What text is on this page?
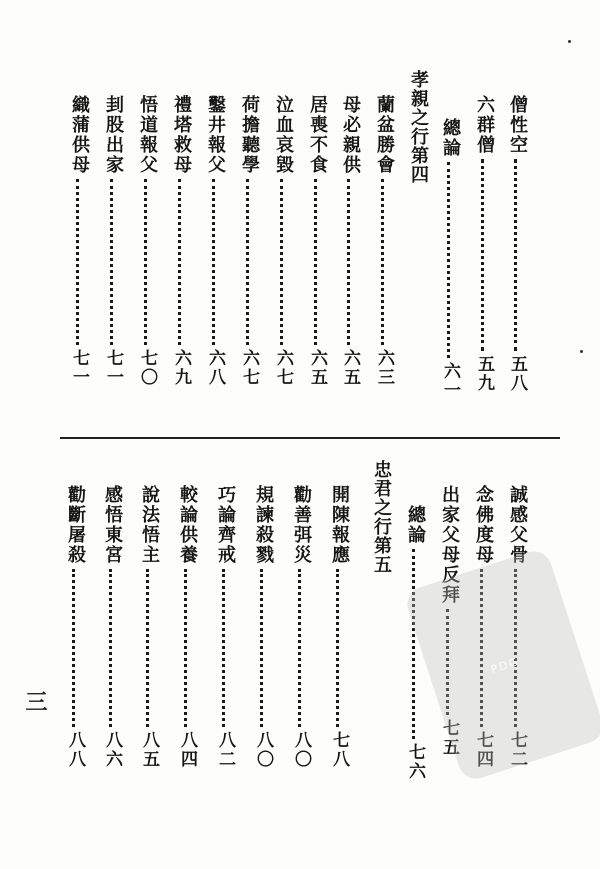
僧性空
五八
六群僧
五九
總論
六一
孝親之行第四
蘭盆勝會
六三
母必親供
六五
居喪不食
六五
泣血哀毀
六七
荷擔聽學
六七
鑿井報父
六八
禮塔救母
六九
悟道報父
七〇
刲股出家
七一
織蒲供母
七一
誠感父骨
七二
念佛度母
七四
出家父母反拜
七五
總論
七六
忠君之行第五
開陳報應
七八
勸善弭災
八〇
規諫殺戮
八〇
巧論齊戒
八二
較論供養
八四
說法悟主
八五
感悟東宮
八六
勸斷屠殺
八八
三
PDG
